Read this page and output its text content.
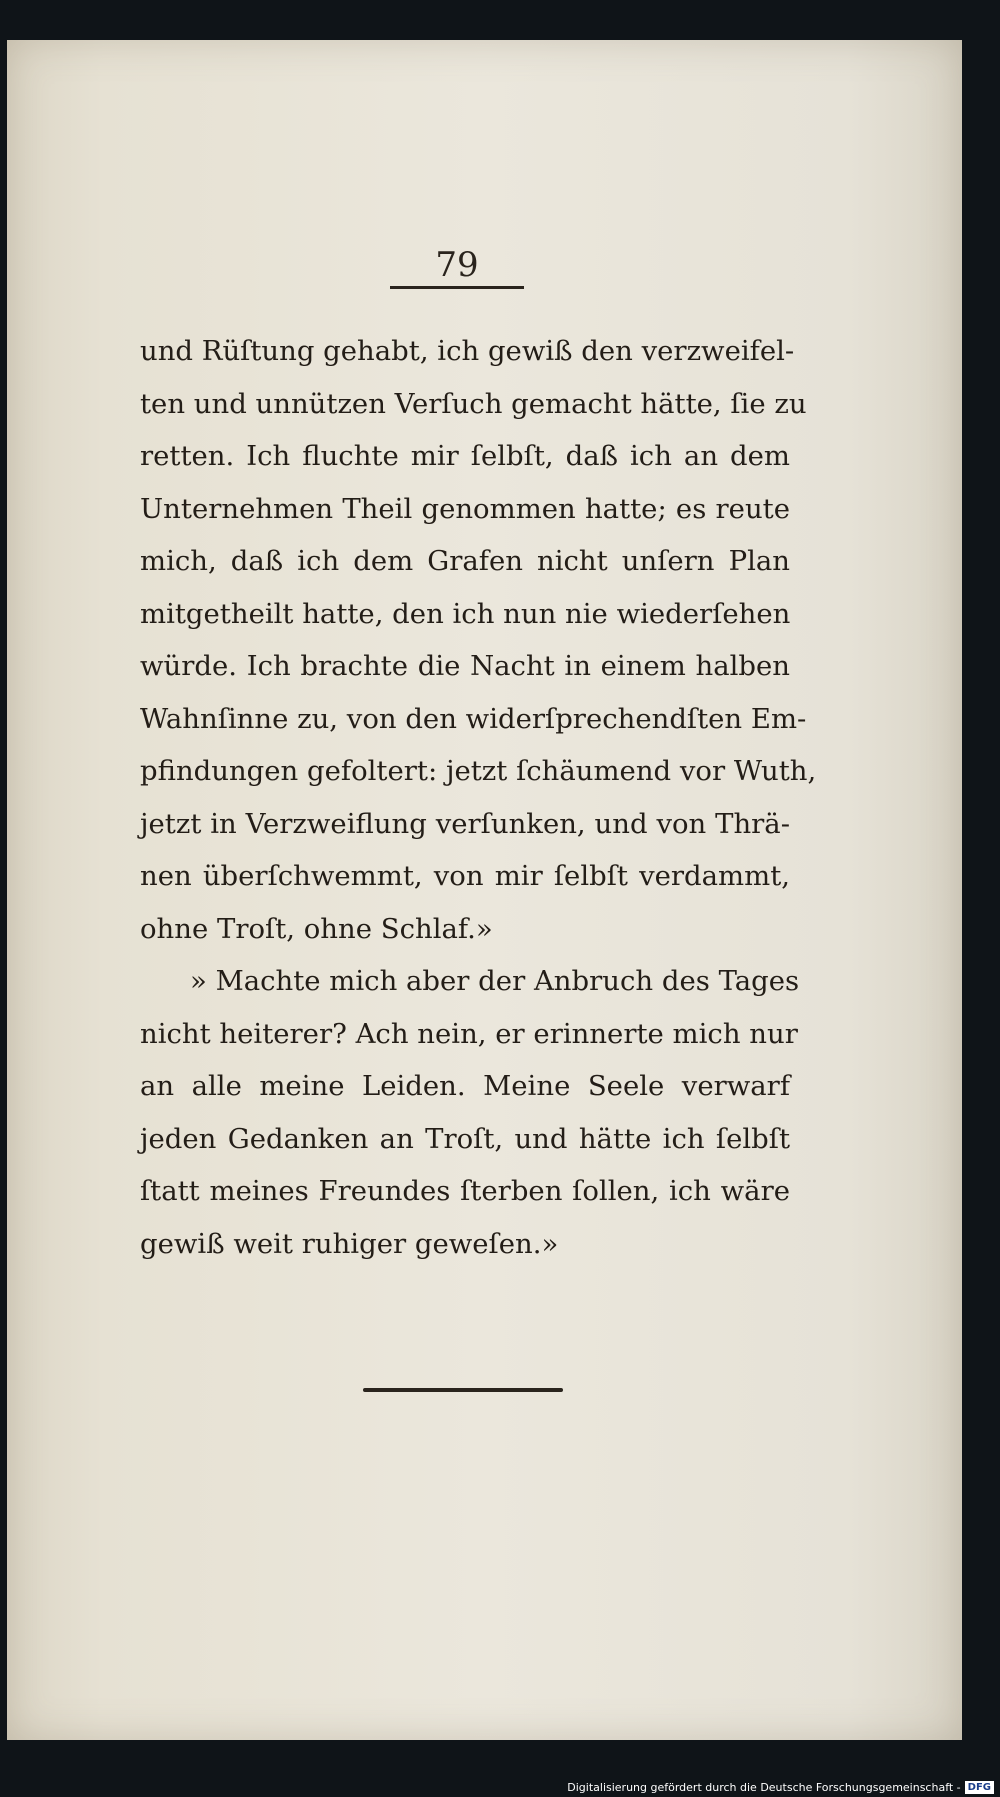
79
und Rüſtung gehabt, ich gewiß den verzweifel-
ten und unnützen Verſuch gemacht hätte, ſie zu
retten. Ich fluchte mir ſelbſt, daß ich an dem
Unternehmen Theil genommen hatte; es reute
mich, daß ich dem Grafen nicht unſern Plan
mitgetheilt hatte, den ich nun nie wiederſehen
würde. Ich brachte die Nacht in einem halben
Wahnſinne zu, von den widerſprechendſten Em-
pfindungen gefoltert: jetzt ſchäumend vor Wuth,
jetzt in Verzweiflung verſunken, und von Thrä-
nen überſchwemmt, von mir ſelbſt verdammt,
ohne Troſt, ohne Schlaf.»
» Machte mich aber der Anbruch des Tages
nicht heiterer? Ach nein, er erinnerte mich nur
an alle meine Leiden. Meine Seele verwarf
jeden Gedanken an Troſt, und hätte ich ſelbſt
ſtatt meines Freundes ſterben ſollen, ich wäre
gewiß weit ruhiger geweſen.»
Digitalisierung gefördert durch die Deutsche Forschungsgemeinschaft - DFG
